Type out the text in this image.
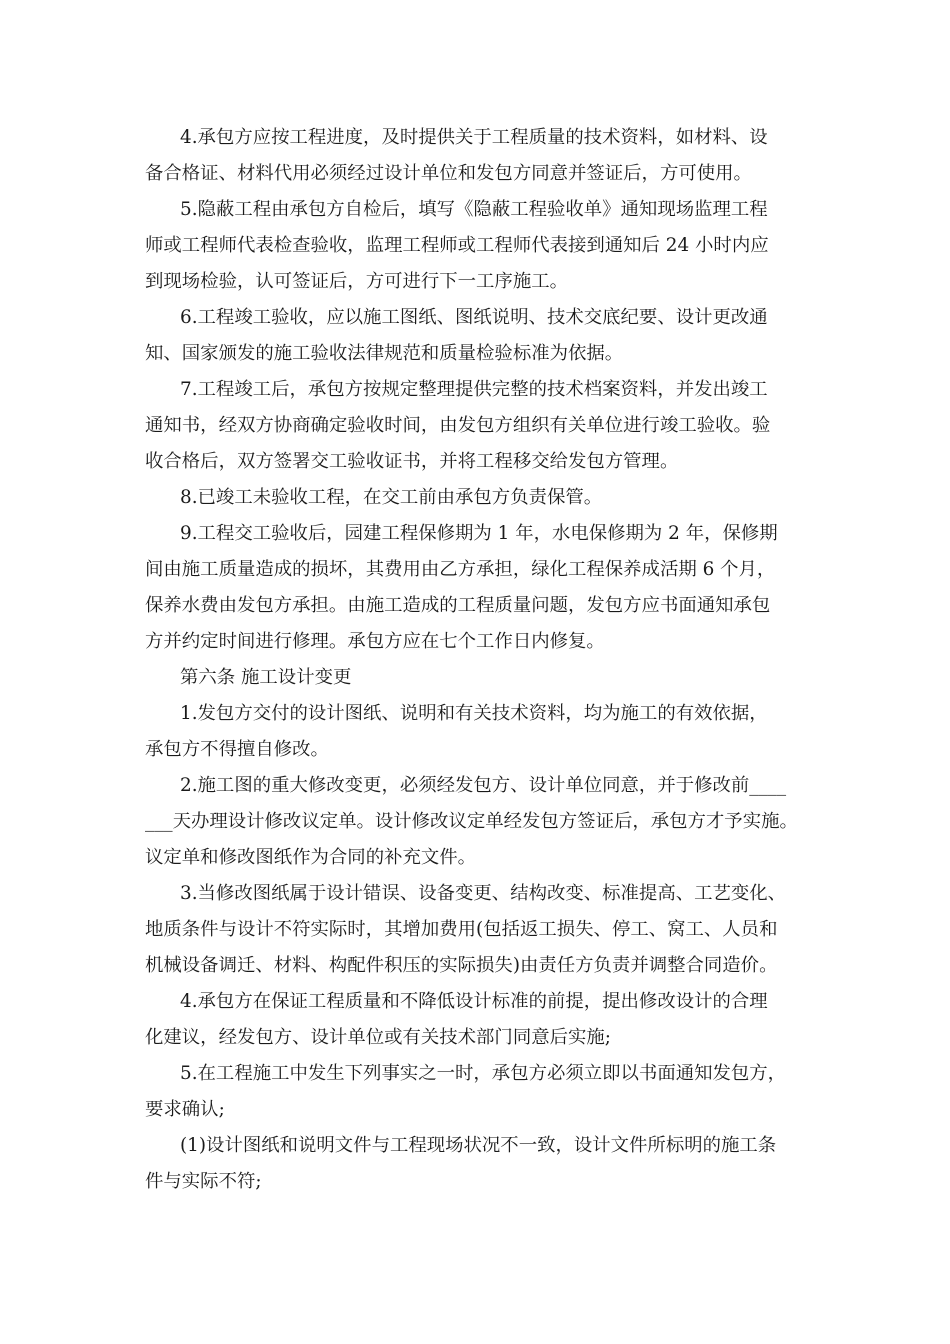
4.承包方应按工程进度，及时提供关于工程质量的技术资料，如材料、设
备合格证、材料代用必须经过设计单位和发包方同意并签证后，方可使用。
5.隐蔽工程由承包方自检后，填写《隐蔽工程验收单》通知现场监理工程
师或工程师代表检查验收，监理工程师或工程师代表接到通知后 24 小时内应
到现场检验，认可签证后，方可进行下一工序施工。
6.工程竣工验收，应以施工图纸、图纸说明、技术交底纪要、设计更改通
知、国家颁发的施工验收法律规范和质量检验标准为依据。
7.工程竣工后，承包方按规定整理提供完整的技术档案资料，并发出竣工
通知书，经双方协商确定验收时间，由发包方组织有关单位进行竣工验收。验
收合格后，双方签署交工验收证书，并将工程移交给发包方管理。
8.已竣工未验收工程，在交工前由承包方负责保管。
9.工程交工验收后，园建工程保修期为 1 年，水电保修期为 2 年，保修期
间由施工质量造成的损坏，其费用由乙方承担，绿化工程保养成活期 6 个月，
保养水费由发包方承担。由施工造成的工程质量问题，发包方应书面通知承包
方并约定时间进行修理。承包方应在七个工作日内修复。
第六条 施工设计变更
1.发包方交付的设计图纸、说明和有关技术资料，均为施工的有效依据，
承包方不得擅自修改。
2.施工图的重大修改变更，必须经发包方、设计单位同意，并于修改前____
___天办理设计修改议定单。设计修改议定单经发包方签证后，承包方才予实施。
议定单和修改图纸作为合同的补充文件。
3.当修改图纸属于设计错误、设备变更、结构改变、标准提高、工艺变化、
地质条件与设计不符实际时，其增加费用(包括返工损失、停工、窝工、人员和
机械设备调迁、材料、构配件积压的实际损失)由责任方负责并调整合同造价。
4.承包方在保证工程质量和不降低设计标准的前提，提出修改设计的合理
化建议，经发包方、设计单位或有关技术部门同意后实施;
5.在工程施工中发生下列事实之一时，承包方必须立即以书面通知发包方，
要求确认;
(1)设计图纸和说明文件与工程现场状况不一致，设计文件所标明的施工条
件与实际不符;
